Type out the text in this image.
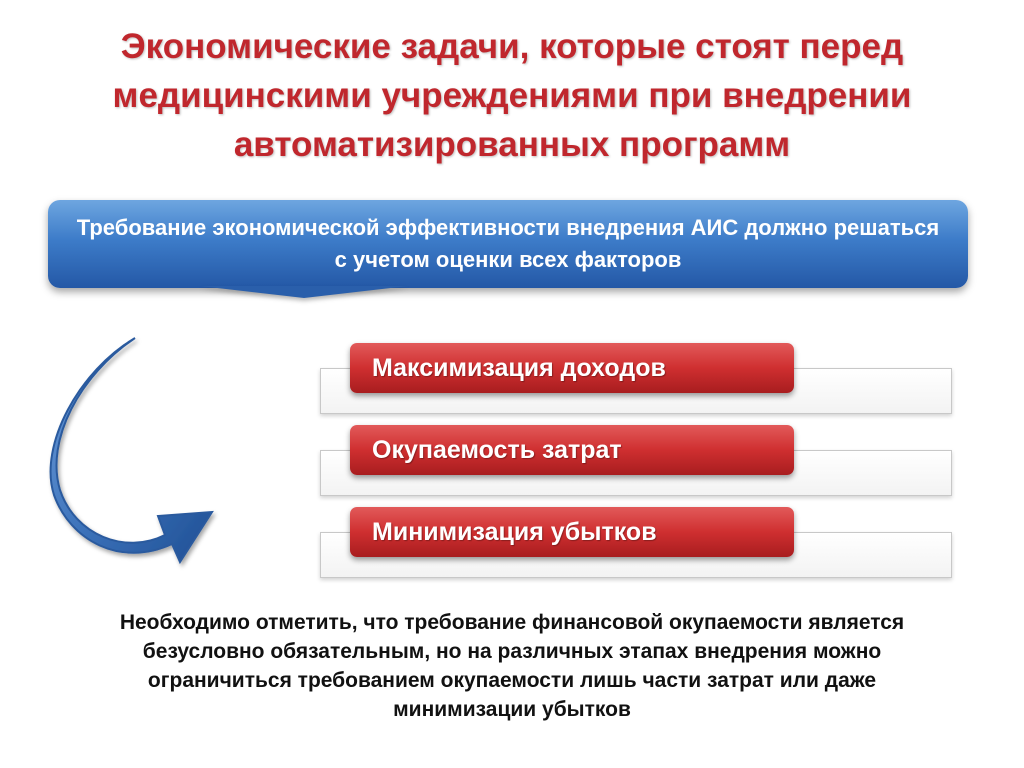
Экономические задачи, которые стоят перед медицинскими учреждениями при внедрении автоматизированных программ
Требование экономической эффективности внедрения АИС должно решаться с учетом оценки всех факторов
Максимизация доходов
Окупаемость затрат
Минимизация убытков

Необходимо отметить, что требование финансовой окупаемости является безусловно обязательным, но на различных этапах внедрения можно ограничиться требованием окупаемости лишь части затрат или даже минимизации убытков
